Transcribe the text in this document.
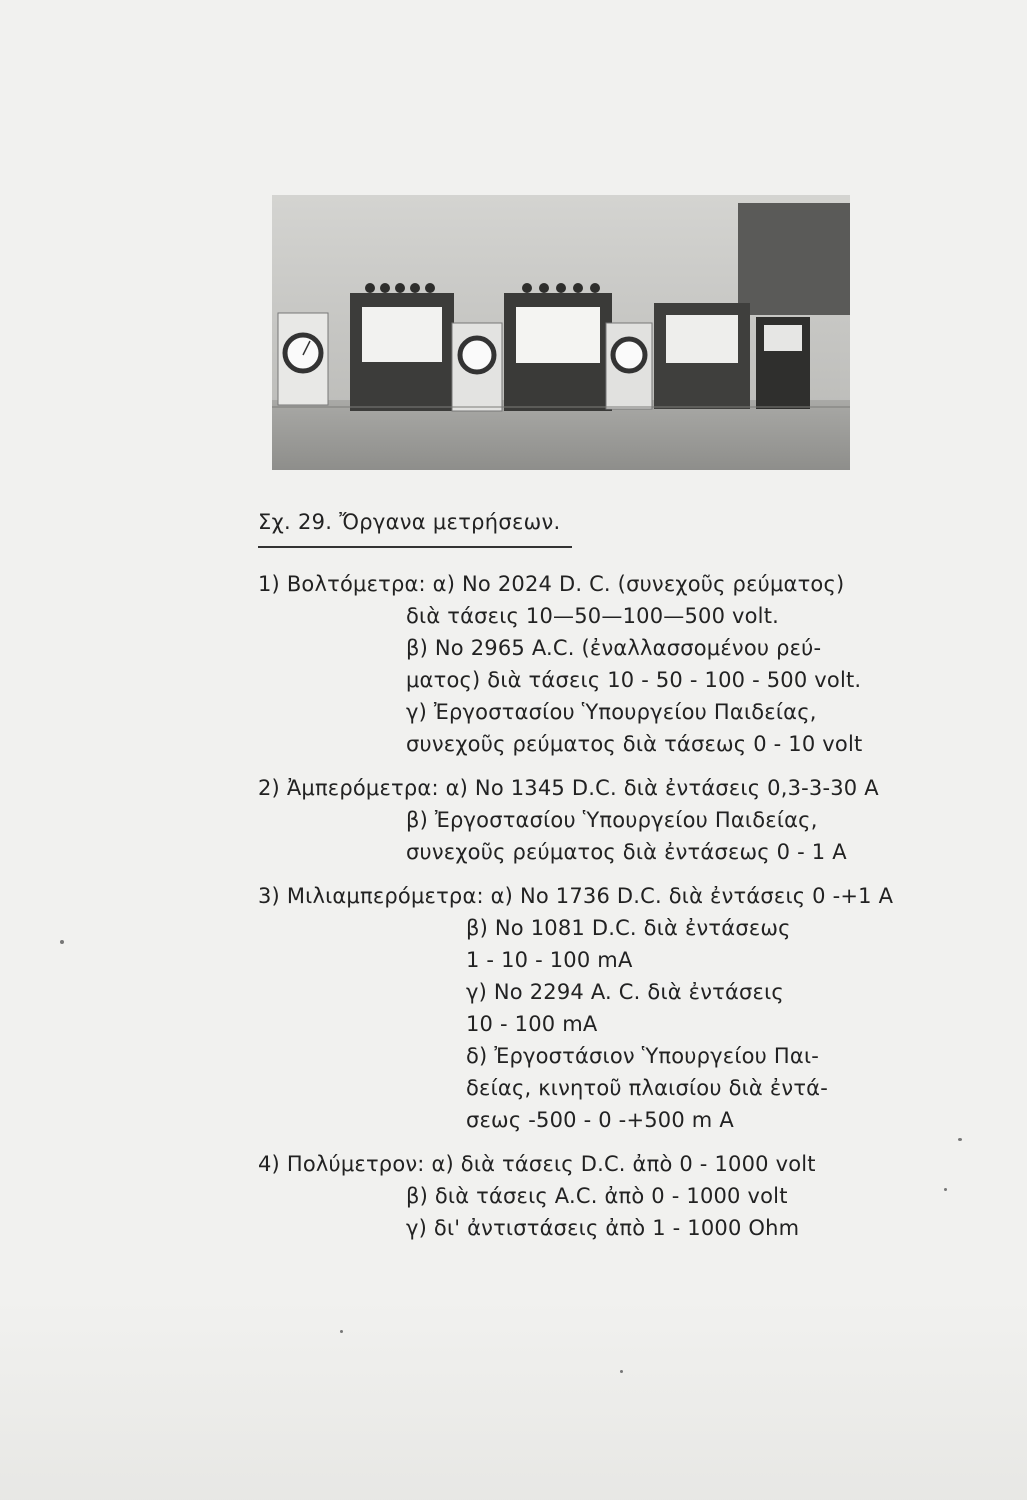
Σχ. 29. Ὄργανα μετρήσεων.
1) Βολτόμετρα: α) No 2024 D. C. (συνεχοῦς ρεύματος)
διὰ τάσεις 10—50—100—500 volt.
β) No 2965 A.C. (ἐναλλασσομένου ρεύ-
ματος) διὰ τάσεις 10 - 50 - 100 - 500 volt.
γ) Ἐργοστασίου Ὑπουργείου Παιδείας,
συνεχοῦς ρεύματος διὰ τάσεως 0 - 10 volt
2) Ἀμπερόμετρα: α) No 1345 D.C. διὰ ἐντάσεις 0,3-3-30 A
β) Ἐργοστασίου Ὑπουργείου Παιδείας,
συνεχοῦς ρεύματος διὰ ἐντάσεως 0 - 1 A
3) Μιλιαμπερόμετρα: α) No 1736 D.C. διὰ ἐντάσεις 0 -+1 A
β) No 1081 D.C. διὰ ἐντάσεως
1 - 10 - 100 mA
γ) No 2294 A. C. διὰ ἐντάσεις
10 - 100 mA
δ) Ἐργοστάσιον Ὑπουργείου Παι-
δείας, κινητοῦ πλαισίου διὰ ἐντά-
σεως -500 - 0 -+500 m A
4) Πολύμετρον: α) διὰ τάσεις D.C. ἀπὸ 0 - 1000 volt
β) διὰ τάσεις A.C. ἀπὸ 0 - 1000 volt
γ) δι' ἀντιστάσεις ἀπὸ 1 - 1000 Ohm
